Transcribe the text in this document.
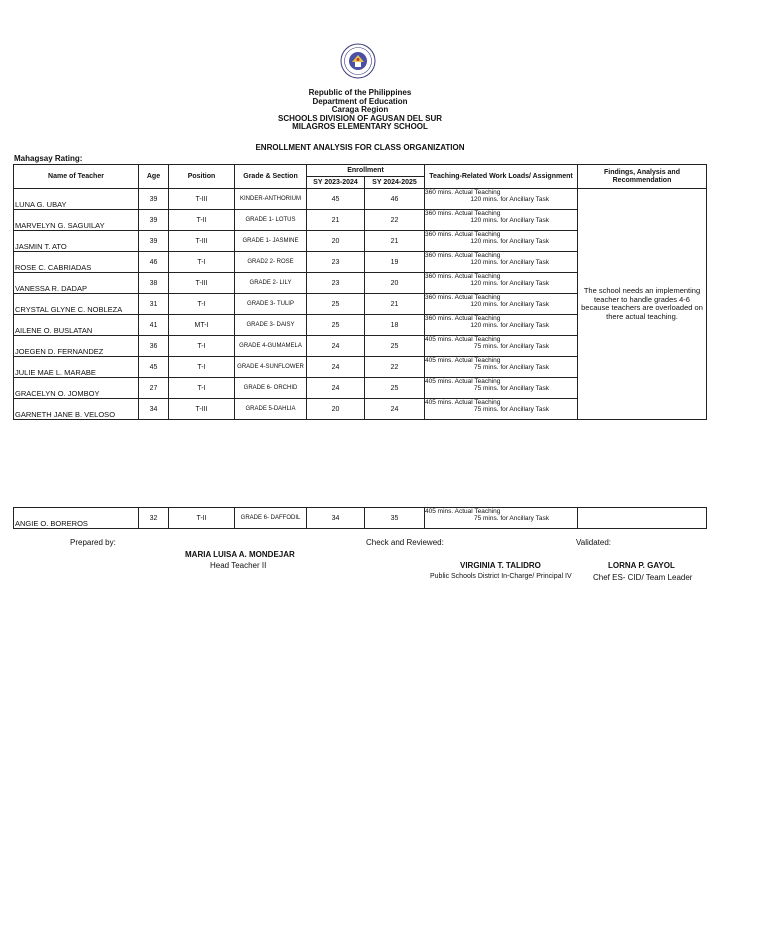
Republic of the Philippines
Department of Education
Caraga Region
SCHOOLS DIVISION OF AGUSAN DEL SUR
MILAGROS ELEMENTARY SCHOOL
ENROLLMENT ANALYSIS FOR CLASS ORGANIZATION
Mahagsay Rating:
Name of Teacher	Age	Position	Grade & Section	Enrollment		Teaching-Related Work Loads/ Assignment	Findings, Analysis and Recommendation
				SY 2023-2024	SY 2024-2025		
LUNA G. UBAY	39	T-III	KINDER-ANTHORIUM	45	46	360 mins. Actual Teaching
120 mins. for Ancillary Task	The school needs an implementing teacher to handle grades 4-6 because teachers are overloaded on there actual teaching.
MARVELYN G. SAGUILAY	39	T-II	GRADE 1- LOTUS	21	22	360 mins. Actual Teaching
120 mins. for Ancillary Task	

JASMIN T. ATO	39	T-III	GRADE 1- JASMINE	20	21	360 mins. Actual Teaching
120 mins. for Ancillary Task	

ROSE C. CABRIADAS	46	T-I	GRAD2 2- ROSE	23	19	360 mins. Actual Teaching
120 mins. for Ancillary Task	

VANESSA R. DADAP	38	T-III	GRADE 2- LILY	23	20	360 mins. Actual Teaching
120 mins. for Ancillary Task	

CRYSTAL GLYNE C. NOBLEZA	31	T-I	GRADE 3- TULIP	25	21	360 mins. Actual Teaching
120 mins. for Ancillary Task	

AILENE O. BUSLATAN	41	MT-I	GRADE 3- DAISY	25	18	360 mins. Actual Teaching
120 mins. for Ancillary Task	

JOEGEN D. FERNANDEZ	36	T-I	GRADE 4-GUMAMELA	24	25	405 mins. Actual Teaching
75 mins. for Ancillary Task	

JULIE MAE L. MARABE	45	T-I	GRADE 4-SUNFLOWER	24	22	405 mins. Actual Teaching
75 mins. for Ancillary Task	

GRACELYN O. JOMBOY	27	T-I	GRADE 6- ORCHID	24	25	405 mins. Actual Teaching
75 mins. for Ancillary Task	

GARNETH JANE B. VELOSO	34	T-III	GRADE 5-DAHLIA	20	24	405 mins. Actual Teaching
75 mins. for Ancillary Task	
ANGIE O. BOREROS	32	T-II	GRADE 6- DAFFODIL	34	35	405 mins. Actual Teaching
75 mins. for Ancillary Task

Prepared by:
MARIA LUISA A. MONDEJAR
Head Teacher II
Check and Reviewed:
VIRGINIA T. TALIDRO
Public Schools District In-Charge/ Principal IV
Validated:
LORNA P. GAYOL
Chef ES- CID/ Team Leader
